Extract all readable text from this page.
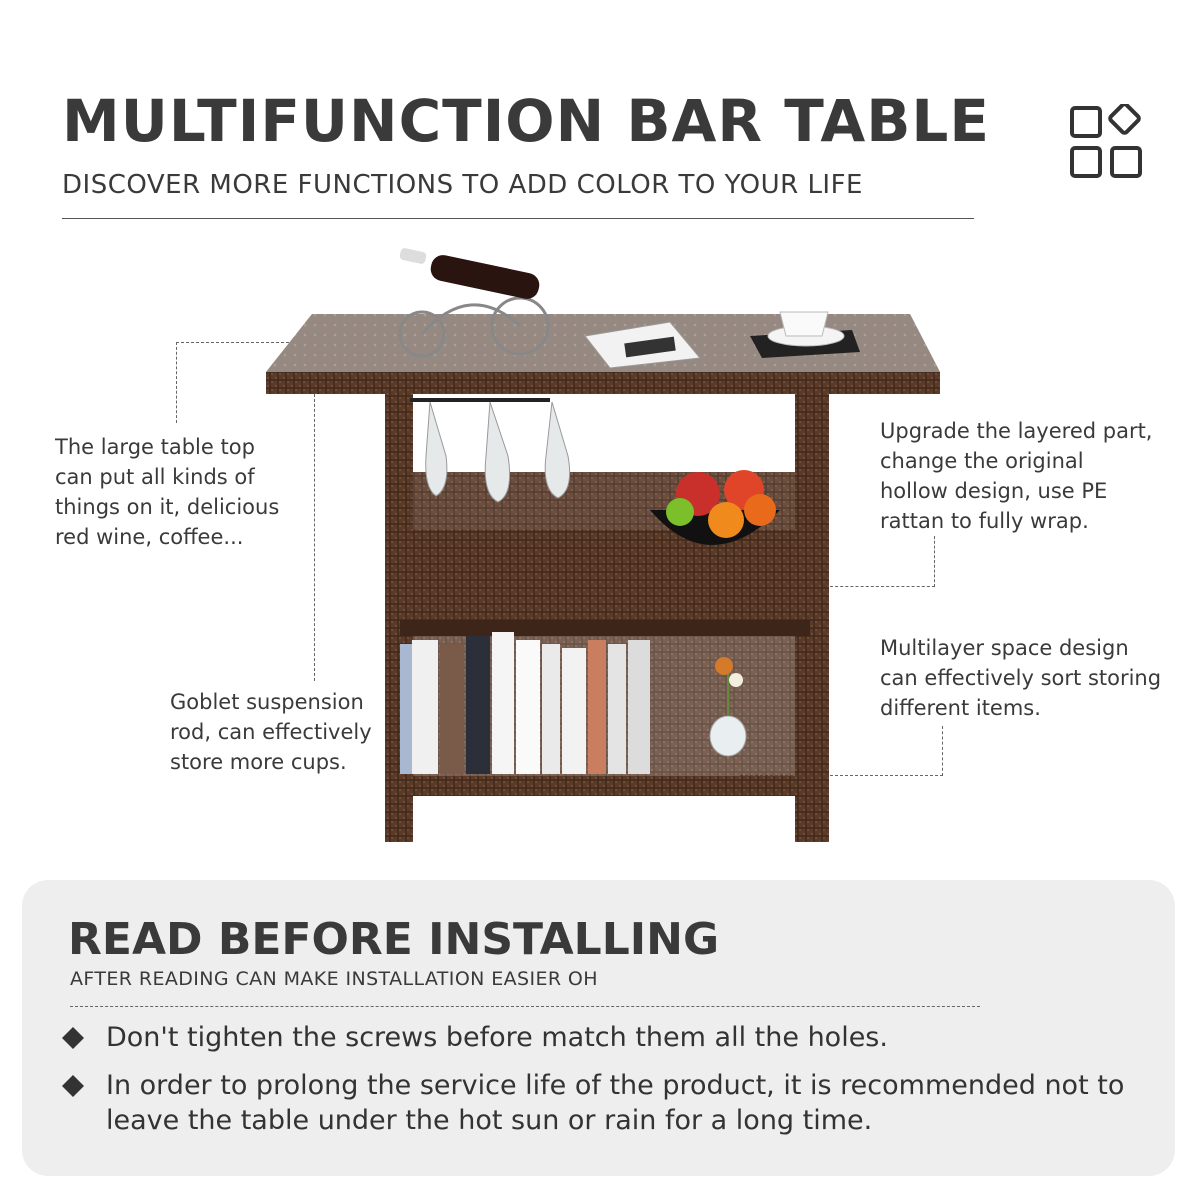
MULTIFUNCTION BAR TABLE

DISCOVER MORE FUNCTIONS TO ADD COLOR TO YOUR LIFE

The large table top
can put all kinds of
things on it, delicious
red wine, coffee...
Goblet suspension
rod, can effectively
store more cups.
Upgrade the layered part,
change the original
hollow design, use PE
rattan to fully wrap.
Multilayer space design
can effectively sort storing
different items.
READ BEFORE INSTALLING

AFTER READING CAN MAKE INSTALLATION EASIER OH

Don't tighten the screws before match them all the holes.
In order to prolong the service life of the product, it is recommended not to leave the table under the hot sun or rain for a long time.
